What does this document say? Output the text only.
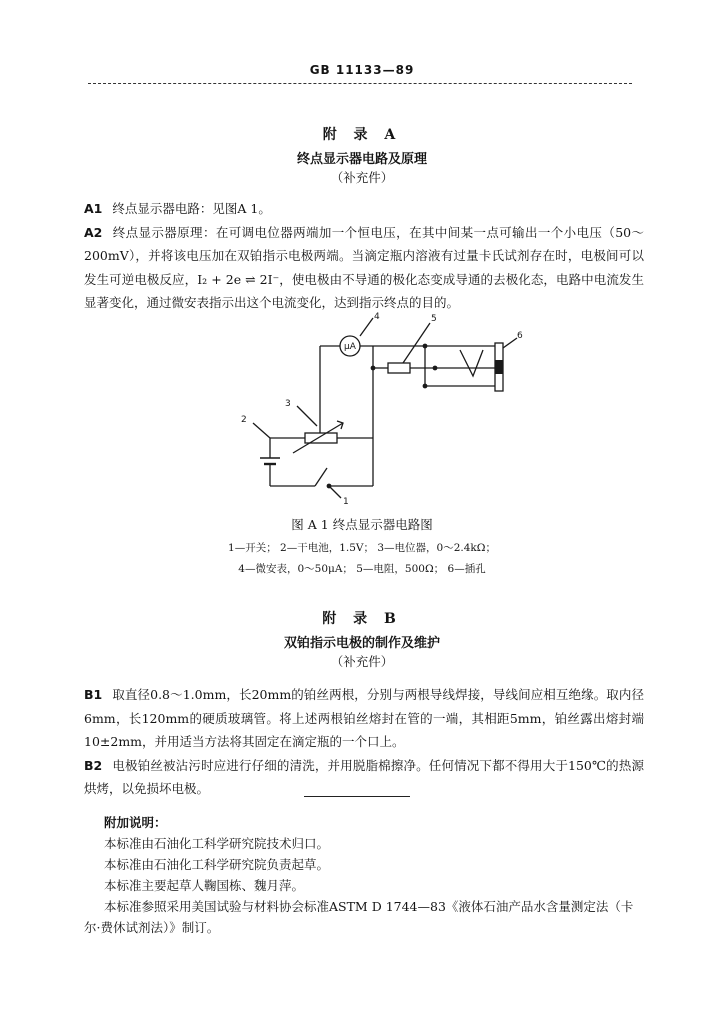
GB 11133—89
附 录 A
终点显示器电路及原理
（补充件）
A1 终点显示器电路：见图A 1。
A2 终点显示器原理：在可调电位器两端加一个恒电压，在其中间某一点可输出一个小电压（50～200mV），并将该电压加在双铂指示电极两端。当滴定瓶内溶液有过量卡氏试剂存在时，电极间可以发生可逆电极反应，I₂ + 2e ⇌ 2I⁻，使电极由不导通的极化态变成导通的去极化态，电路中电流发生显著变化，通过微安表指示出这个电流变化，达到指示终点的目的。
μA
1
2
3
4	5
6
图 A 1 终点显示器电路图
1—开关； 2—干电池，1.5V； 3—电位器，0～2.4kΩ；
4—微安表，0～50μA； 5—电阻，500Ω； 6—插孔
附 录 B
双铂指示电极的制作及维护
（补充件）
B1 取直径0.8～1.0mm，长20mm的铂丝两根，分别与两根导线焊接，导线间应相互绝缘。取内径6mm，长120mm的硬质玻璃管。将上述两根铂丝熔封在管的一端，其相距5mm，铂丝露出熔封端10±2mm，并用适当方法将其固定在滴定瓶的一个口上。
B2 电极铂丝被沾污时应进行仔细的清洗，并用脱脂棉擦净。任何情况下都不得用大于150℃的热源烘烤，以免损坏电极。

附加说明：

本标准由石油化工科学研究院技术归口。

本标准由石油化工科学研究院负责起草。

本标准主要起草人鞠国栋、魏月萍。

本标准参照采用美国试验与材料协会标准ASTM D 1744—83《液体石油产品水含量测定法（卡尔·费休试剂法）》制订。
